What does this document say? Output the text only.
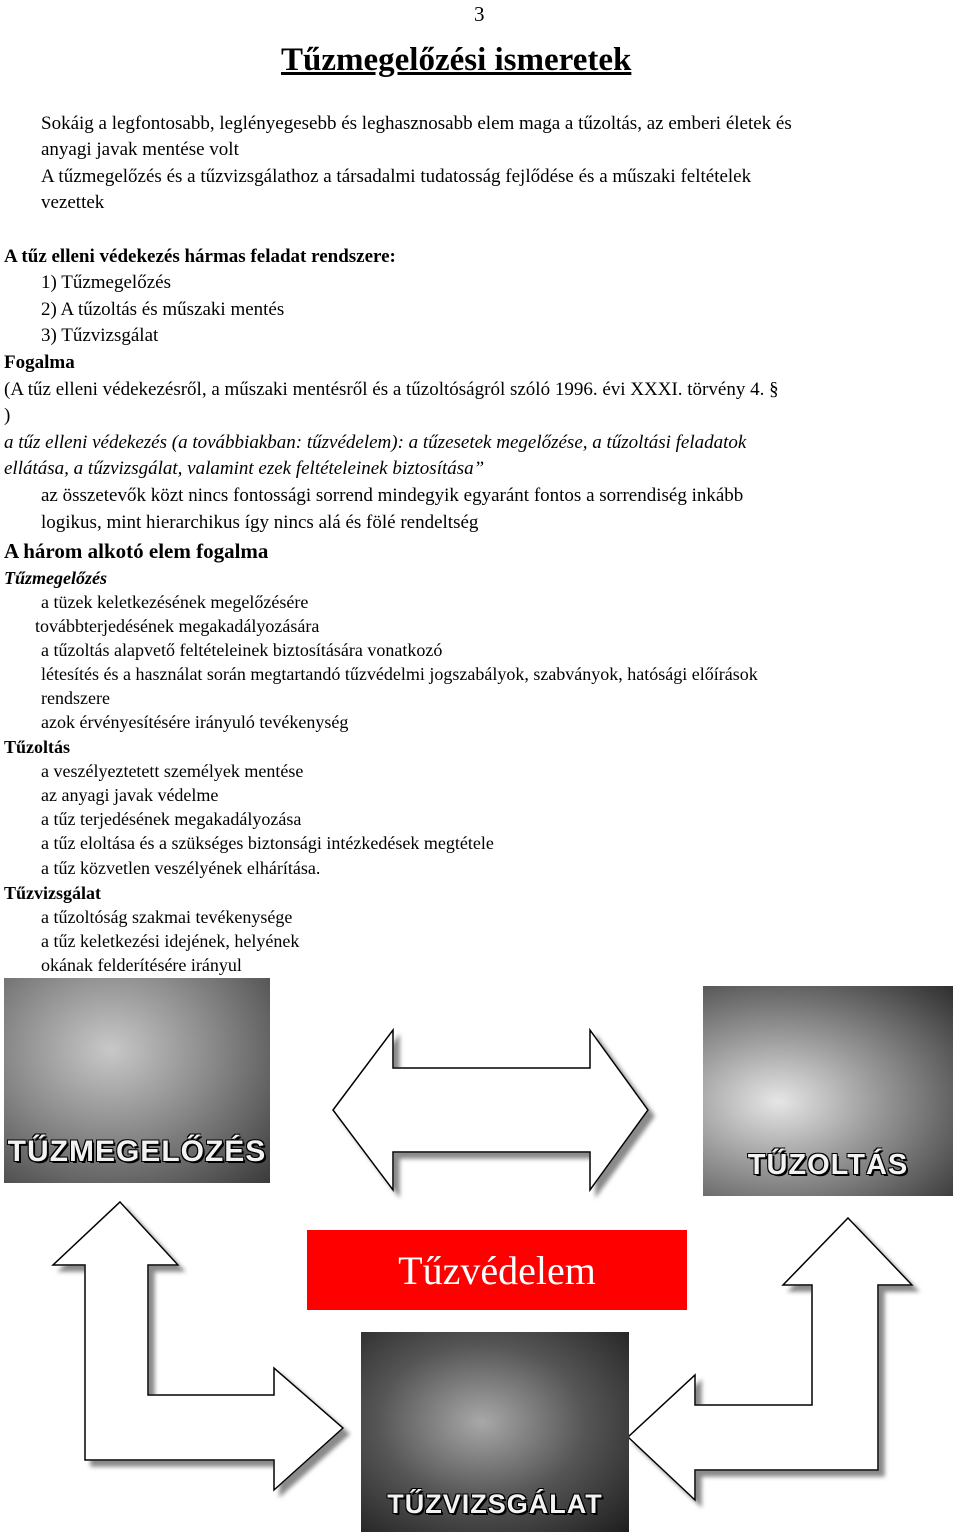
3
Tűzmegelőzési ismeretek
Sokáig a legfontosabb, leglényegesebb és leghasznosabb elem maga a tűzoltás, az emberi életek és
anyagi javak mentése volt
A tűzmegelőzés és a tűzvizsgálathoz a társadalmi tudatosság fejlődése és a műszaki feltételek
vezettek
A tűz elleni védekezés hármas feladat rendszere:
1) Tűzmegelőzés
2) A tűzoltás és műszaki mentés
3) Tűzvizsgálat
Fogalma
(A tűz elleni védekezésről, a műszaki mentésről és a tűzoltóságról szóló 1996. évi XXXI. törvény 4. §
)
a tűz elleni védekezés (a továbbiakban: tűzvédelem): a tűzesetek megelőzése, a tűzoltási feladatok
ellátása, a tűzvizsgálat, valamint ezek feltételeinek biztosítása”
az összetevők közt nincs fontossági sorrend mindegyik egyaránt fontos a sorrendiség inkább
logikus, mint hierarchikus így nincs alá és fölé rendeltség
A három alkotó elem fogalma
Tűzmegelőzés
a tüzek keletkezésének megelőzésére
továbbterjedésének megakadályozására
a tűzoltás alapvető feltételeinek biztosítására vonatkozó
létesítés és a használat során megtartandó tűzvédelmi jogszabályok, szabványok, hatósági előírások
rendszere
azok érvényesítésére irányuló tevékenység
Tűzoltás
a veszélyeztetett személyek mentése
az anyagi javak védelme
a tűz terjedésének megakadályozása
a tűz eloltása és a szükséges biztonsági intézkedések megtétele
a tűz közvetlen veszélyének elhárítása.
Tűzvizsgálat
a tűzoltóság szakmai tevékenysége
a tűz keletkezési idejének, helyének
okának felderítésére irányul
TŰZMEGELŐZÉS	TŰZOLTÁS
TŰZVIZSGÁLAT
Tűzvédelem
